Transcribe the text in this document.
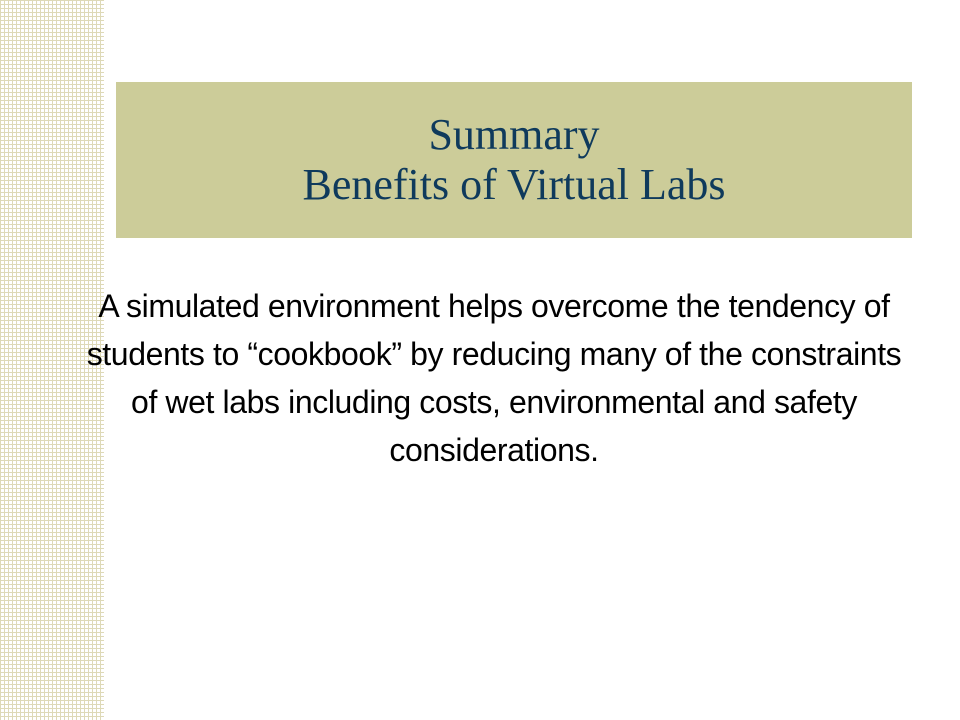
Summary
Benefits of Virtual Labs
A simulated environment helps overcome the tendency of students to “cookbook” by reducing many of the constraints of wet labs including costs, environmental and safety considerations.
